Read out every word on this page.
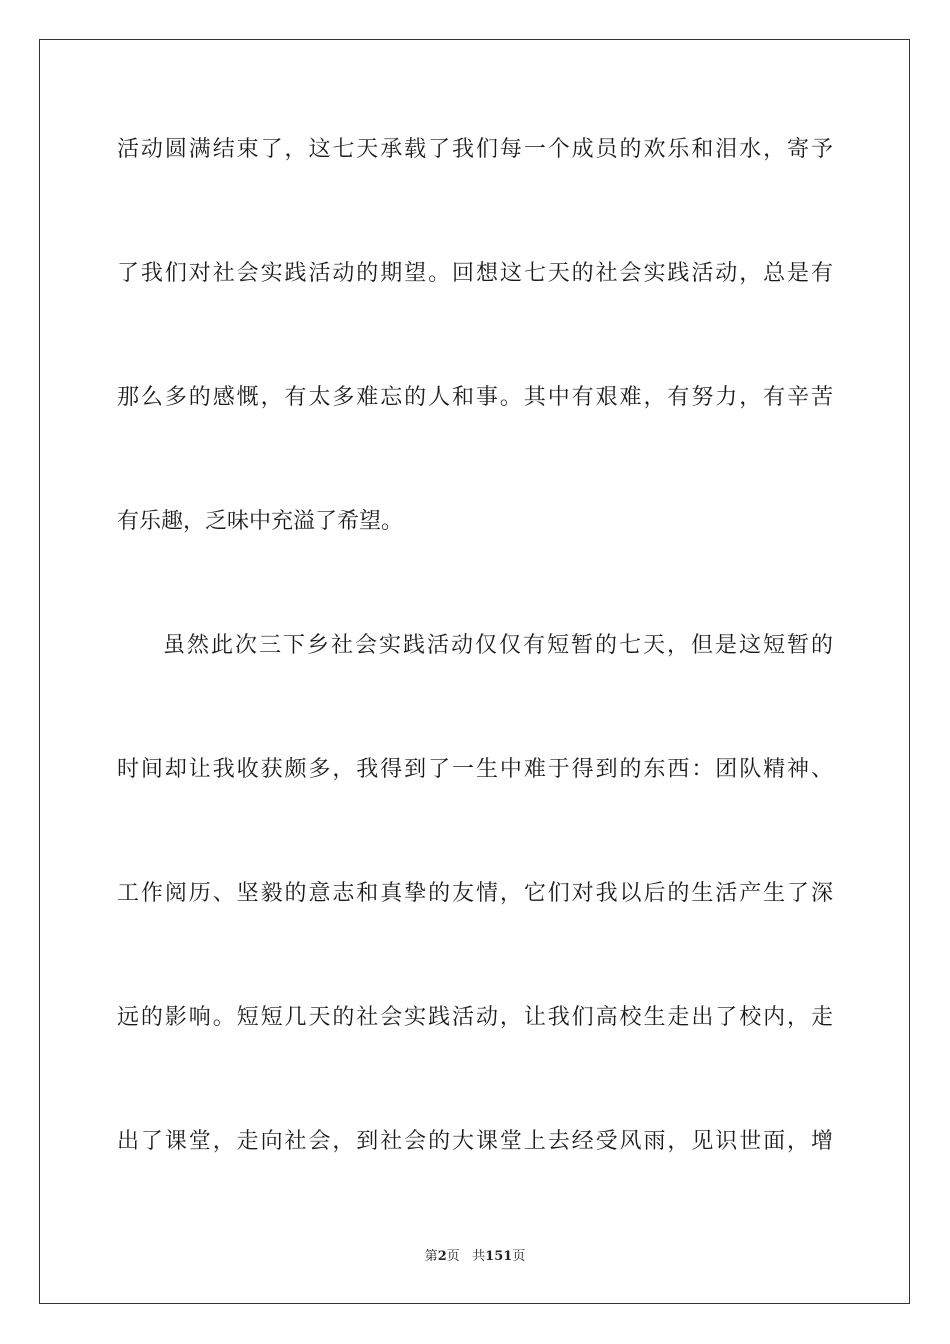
活动圆满结束了，这七天承载了我们每一个成员的欢乐和泪水，寄予
了我们对社会实践活动的期望。回想这七天的社会实践活动，总是有
那么多的感慨，有太多难忘的人和事。其中有艰难，有努力，有辛苦
有乐趣，乏味中充溢了希望。
虽然此次三下乡社会实践活动仅仅有短暂的七天，但是这短暂的
时间却让我收获颇多，我得到了一生中难于得到的东西：团队精神、
工作阅历、坚毅的意志和真挚的友情，它们对我以后的生活产生了深
远的影响。短短几天的社会实践活动，让我们高校生走出了校内，走
出了课堂，走向社会，到社会的大课堂上去经受风雨，见识世面，增
第2页 共151页
